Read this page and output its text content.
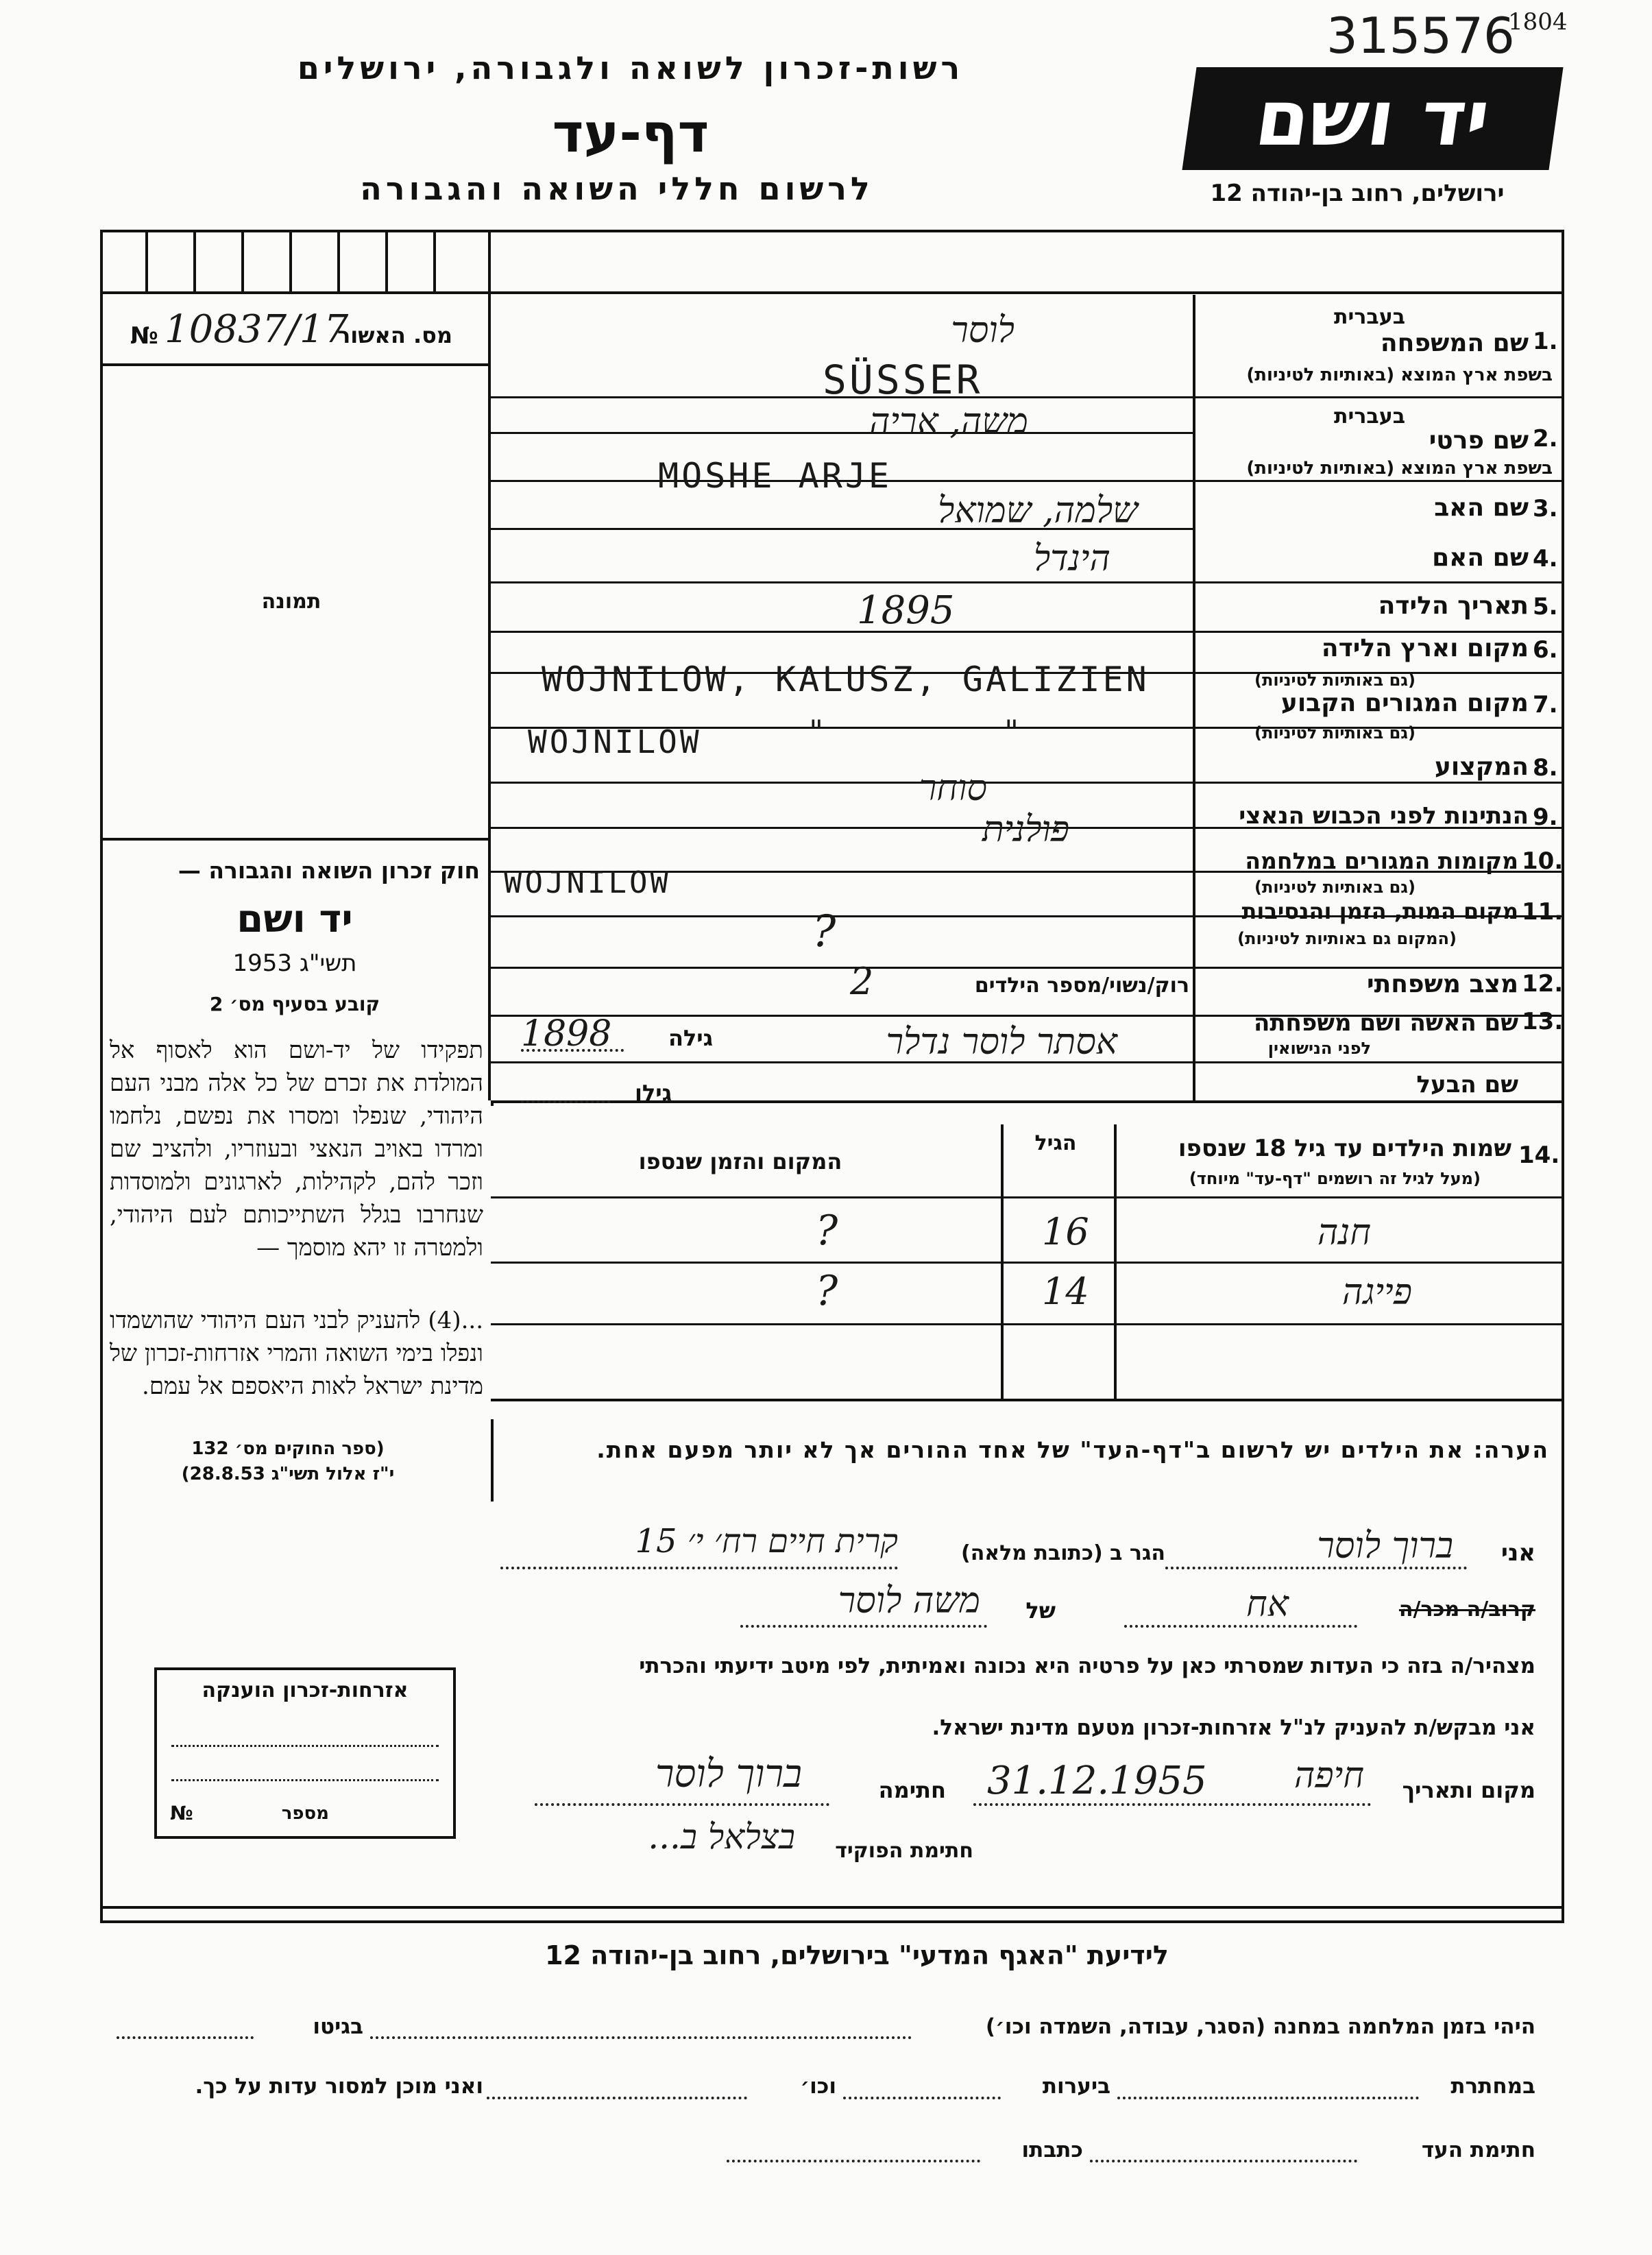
315576
1804
רשות-זכרון לשואה ולגבורה, ירושלים
דף-עד
לרשום חללי השואה והגבורה
יד ושם
ירושלים, רחוב בן-יהודה 12
№ 10837/17
מס. האשור
תמונה
חוק זכרון השואה והגבורה —
יד ושם
תשי"ג 1953
קובע בסעיף מס׳ 2
תפקידו של יד-ושם הוא לאסוף אל המולדת את זכרם של כל אלה מבני העם היהודי, שנפלו ומסרו את נפשם, נלחמו ומרדו באויב הנאצי ובעוזריו, ולהציב שם וזכר להם, לקהילות, לארגונים ולמוסדות שנחרבו בגלל השתייכותם לעם היהודי, ולמטרה זו יהא מוסמך —
...(4) להעניק לבני העם היהודי שהושמדו ונפלו בימי השואה והמרי אזרחות-זכרון של מדינת ישראל לאות היאספם אל עמם.
(ספר החוקים מס׳ 132
י"ז אלול תשי"ג 28.8.53)
1.
בעברית
שם המשפחה
בשפת ארץ המוצא (באותיות לטיניות)
לוסר
SÜSSER
2.
בעברית
שם פרטי
בשפת ארץ המוצא (באותיות לטיניות)
משה, אריה
MOSHE ARJE
3.
שם האב
שלמה, שמואל
4.
שם האם
הינדל
5.
תאריך הלידה
1895
6.
מקום וארץ הלידה
(גם באותיות לטיניות)
WOJNILOW, KALUSZ, GALIZIEN
7.
מקום המגורים הקבוע
(גם באותיות לטיניות)
WOJNILOW	"	"
8.
המקצוע
סוחר
9.
הנתינות לפני הכבוש הנאצי
פולנית
10.
מקומות המגורים במלחמה
(גם באותיות לטיניות)
WOJNILOW
11.
מקום המות, הזמן והנסיבות
(המקום גם באותיות לטיניות)
?
12.
מצב משפחתי
רוק/נשוי/מספר הילדים
2
13.
שם האשה ושם משפחתה
לפני הנישואין
אסתר לוסר נדלר
גילה
1898
שם הבעל
גילו
14.
שמות הילדים עד גיל 18 שנספו
(מעל לגיל זה רושמים "דף-עד" מיוחד)
הגיל
המקום והזמן שנספו
חנה
16
?
פייגה
14
?
הערה: את הילדים יש לרשום ב"דף-העד" של אחד ההורים אך לא יותר מפעם אחת.
אני
ברוך לוסר
הגר ב (כתובת מלאה)
קרית חיים רח׳ י׳ 15
קרוב/ה מכר/ה
אח
של
משה לוסר
מצהיר/ה בזה כי העדות שמסרתי כאן על פרטיה היא נכונה ואמיתית, לפי מיטב ידיעתי והכרתי
אני מבקש/ת להעניק לנ"ל אזרחות-זכרון מטעם מדינת ישראל.
מקום ותאריך
חיפה
31.12.1955
חתימה
ברוך לוסר
חתימת הפוקיד
בצלאל ב...
אזרחות-זכרון הוענקה
מספר
№
לידיעת "האגף המדעי" בירושלים, רחוב בן-יהודה 12
היהי בזמן המלחמה במחנה (הסגר, עבודה, השמדה וכו׳)
בגיטו
במחתרת
ביערות
וכו׳
ואני מוכן למסור עדות על כך.
חתימת העד
כתבתו
